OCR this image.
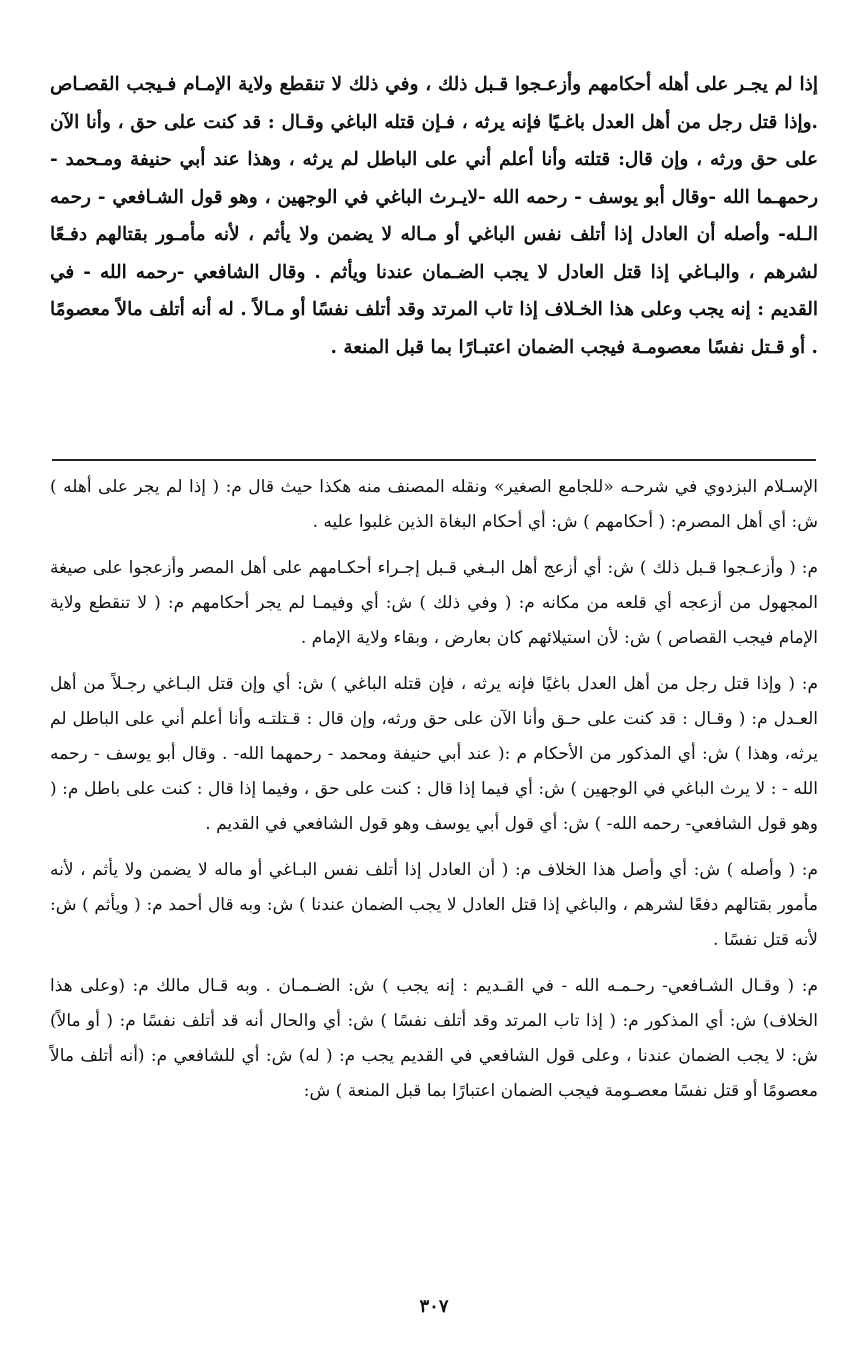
إذا لم يجـر على أهله أحكامهم وأزعـجوا قـبل ذلك ، وفي ذلك لا تنقطع ولاية الإمـام فـيجب القصـاص .وإذا قتل رجل من أهل العدل باغـيًا فإنه يرثه ، فـإن قتله الباغي وقـال : قد كنت على حق ، وأنا الآن على حق ورثه ، وإن قال: قتلته وأنا أعلم أني على الباطل لم يرثه ، وهذا عند أبي حنيفة ومـحمد - رحمهـما الله -وقال أبو يوسف - رحمه الله -لايـرث الباغي في الوجهين ، وهو قول الشـافعي - رحمه الـله- وأصله أن العادل إذا أتلف نفس الباغي أو مـاله لا يضمن ولا يأثم ، لأنه مأمـور بقتالهم دفـعًا لشرهم ، والبـاغي إذا قتل العادل لا يجب الضـمان عندنا ويأثم . وقال الشافعي -رحمه الله - في القديم : إنه يجب وعلى هذا الخـلاف إذا تاب المرتد وقد أتلف نفسًا أو مـالاً . له أنه أتلف مالاً معصومًا . أو قـتل نفسًا معصومـة فيجب الضمان اعتبـارًا بما قبل المنعة .

الإسـلام البزدوي في شرحـه «للجامع الصغير» ونقله المصنف منه هكذا حيث قال م: ( إذا لم يجر على أهله ) ش: أي أهل المصرم: ( أحكامهم ) ش: أي أحكام البغاة الذين غلبوا عليه .

م: ( وأزعـجوا قـبل ذلك ) ش: أي أزعج أهل البـغي قـبل إجـراء أحكـامهم على أهل المصر وأزعجوا على صيغة المجهول من أزعجه أي قلعه من مكانه م: ( وفي ذلك ) ش: أي وفيمـا لم يجر أحكامهم م: ( لا تنقطع ولاية الإمام فيجب القصاص ) ش: لأن استيلائهم كان بعارض ، وبقاء ولاية الإمام .

م: ( وإذا قتل رجل من أهل العدل باغيًا فإنه يرثه ، فإن قتله الباغي ) ش: أي وإن قتل البـاغي رجـلاً من أهل العـدل م: ( وقـال : قد كنت على حـق وأنا الآن على حق ورثه، وإن قال : قـتلتـه وأنا أعلم أني على الباطل لم يرثه، وهذا ) ش: أي المذكور من الأحكام م :( عند أبي حنيفة ومحمد - رحمهما الله- . وقال أبو يوسف - رحمه الله - : لا يرث الباغي في الوجهين ) ش: أي فيما إذا قال : كنت على حق ، وفيما إذا قال : كنت على باطل م: ( وهو قول الشافعي- رحمه الله- ) ش: أي قول أبي يوسف وهو قول الشافعي في القديم .

م: ( وأصله ) ش: أي وأصل هذا الخلاف م: ( أن العادل إذا أتلف نفس البـاغي أو ماله لا يضمن ولا يأثم ، لأنه مأمور بقتالهم دفعًا لشرهم ، والباغي إذا قتل العادل لا يجب الضمان عندنا ) ش: وبه قال أحمد م: ( ويأثم ) ش: لأنه قتل نفسًا .

م: ( وقـال الشـافعي- رحـمـه الله - في القـديم : إنه يجب ) ش: الضـمـان . وبه قـال مالك م: (وعلى هذا الخلاف) ش: أي المذكور م: ( إذا تاب المرتد وقد أتلف نفسًا ) ش: أي والحال أنه قد أتلف نفسًا م: ( أو مالاً) ش: لا يجب الضمان عندنا ، وعلى قول الشافعي في القديم يجب م: ( له) ش: أي للشافعي م: (أنه أتلف مالاً معصومًا أو قتل نفسًا معصـومة فيجب الضمان اعتبارًا بما قبل المنعة ) ش:

٣٠٧
